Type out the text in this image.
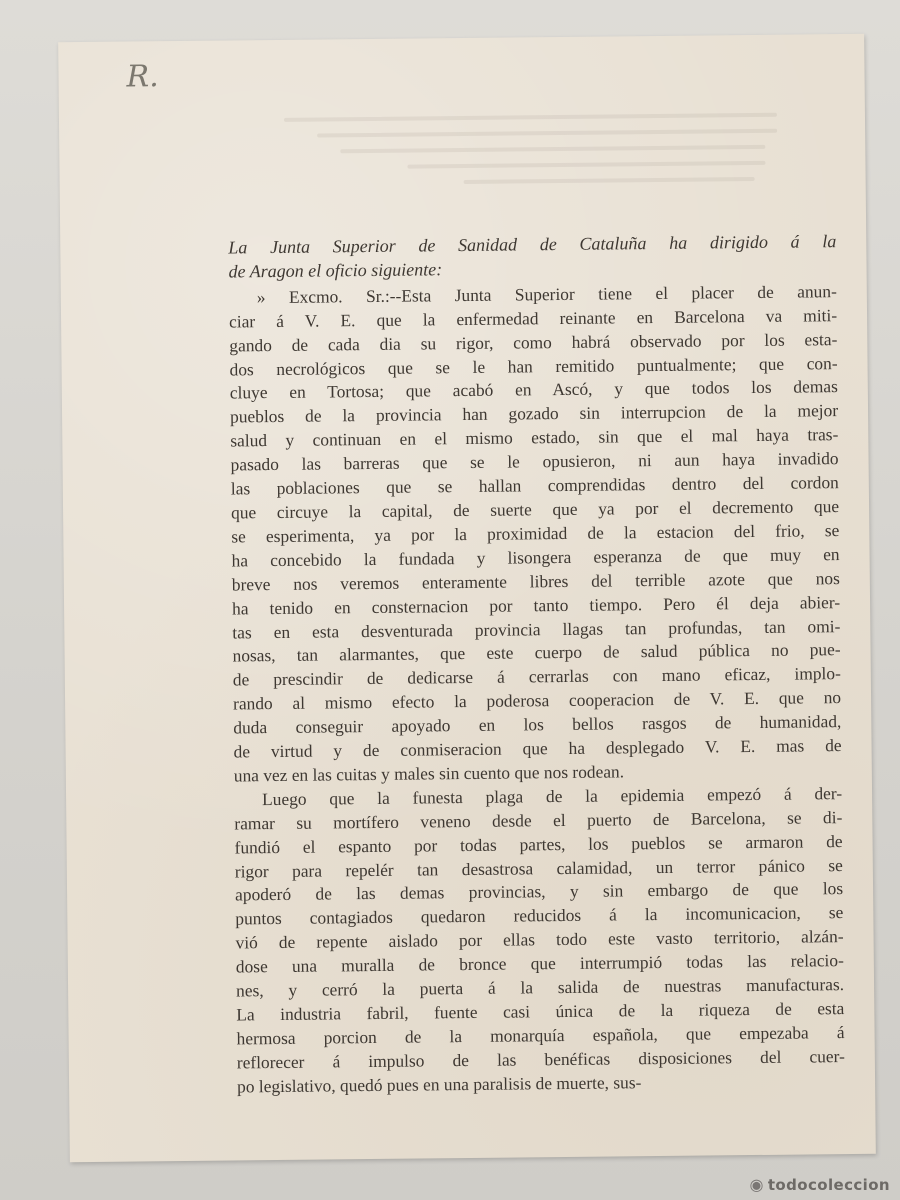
R.
La Junta Superior de Sanidad de Cataluña ha dirigido á la
de Aragon el oficio siguiente:
» Excmo. Sr.:--Esta Junta Superior tiene el placer de anun-
ciar á V. E. que la enfermedad reinante en Barcelona va miti-
gando de cada dia su rigor, como habrá observado por los esta-
dos necrológicos que se le han remitido puntualmente; que con-
cluye en Tortosa; que acabó en Ascó, y que todos los demas
pueblos de la provincia han gozado sin interrupcion de la mejor
salud y continuan en el mismo estado, sin que el mal haya tras-
pasado las barreras que se le opusieron, ni aun haya invadido
las poblaciones que se hallan comprendidas dentro del cordon
que circuye la capital, de suerte que ya por el decremento que
se esperimenta, ya por la proximidad de la estacion del frio, se
ha concebido la fundada y lisongera esperanza de que muy en
breve nos veremos enteramente libres del terrible azote que nos
ha tenido en consternacion por tanto tiempo. Pero él deja abier-
tas en esta desventurada provincia llagas tan profundas, tan omi-
nosas, tan alarmantes, que este cuerpo de salud pública no pue-
de prescindir de dedicarse á cerrarlas con mano eficaz, implo-
rando al mismo efecto la poderosa cooperacion de V. E. que no
duda conseguir apoyado en los bellos rasgos de humanidad,
de virtud y de conmiseracion que ha desplegado V. E. mas de
una vez en las cuitas y males sin cuento que nos rodean.
Luego que la funesta plaga de la epidemia empezó á der-
ramar su mortífero veneno desde el puerto de Barcelona, se di-
fundió el espanto por todas partes, los pueblos se armaron de
rigor para repelér tan desastrosa calamidad, un terror pánico se
apoderó de las demas provincias, y sin embargo de que los
puntos contagiados quedaron reducidos á la incomunicacion, se
vió de repente aislado por ellas todo este vasto territorio, alzán-
dose una muralla de bronce que interrumpió todas las relacio-
nes, y cerró la puerta á la salida de nuestras manufacturas.
La industria fabril, fuente casi única de la riqueza de esta
hermosa porcion de la monarquía española, que empezaba á
reflorecer á impulso de las benéficas disposiciones del cuer-
po legislativo, quedó pues en una paralisis de muerte, sus-
◉ todocoleccion
